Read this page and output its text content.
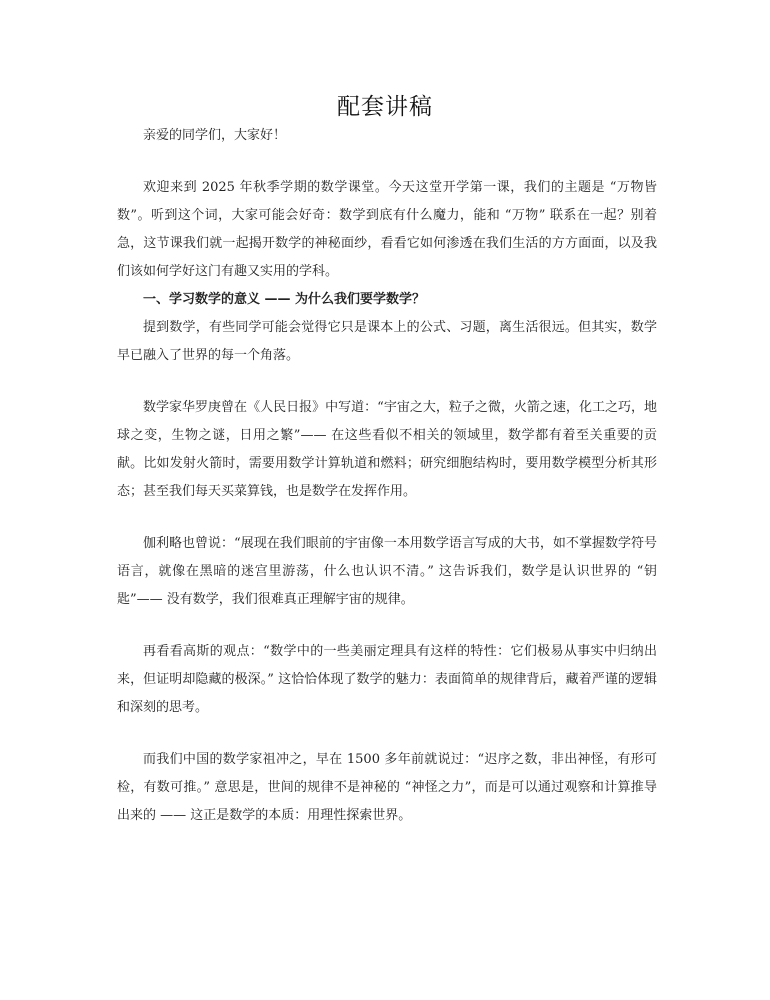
配套讲稿

亲爱的同学们，大家好！

欢迎来到 2025 年秋季学期的数学课堂。今天这堂开学第一课，我们的主题是 “万物皆数”。听到这个词，大家可能会好奇：数学到底有什么魔力，能和 “万物” 联系在一起？别着急，这节课我们就一起揭开数学的神秘面纱，看看它如何渗透在我们生活的方方面面，以及我们该如何学好这门有趣又实用的学科。

一、学习数学的意义 —— 为什么我们要学数学？

提到数学，有些同学可能会觉得它只是课本上的公式、习题，离生活很远。但其实，数学早已融入了世界的每一个角落。

数学家华罗庚曾在《人民日报》中写道：“宇宙之大，粒子之微，火箭之速，化工之巧，地球之变，生物之谜，日用之繁”—— 在这些看似不相关的领域里，数学都有着至关重要的贡献。比如发射火箭时，需要用数学计算轨道和燃料；研究细胞结构时，要用数学模型分析其形态；甚至我们每天买菜算钱，也是数学在发挥作用。

伽利略也曾说：“展现在我们眼前的宇宙像一本用数学语言写成的大书，如不掌握数学符号语言，就像在黑暗的迷宫里游荡，什么也认识不清。” 这告诉我们，数学是认识世界的 “钥匙”—— 没有数学，我们很难真正理解宇宙的规律。

再看看高斯的观点：“数学中的一些美丽定理具有这样的特性：它们极易从事实中归纳出来，但证明却隐藏的极深。” 这恰恰体现了数学的魅力：表面简单的规律背后，藏着严谨的逻辑和深刻的思考。

而我们中国的数学家祖冲之，早在 1500 多年前就说过：“迟序之数，非出神怪，有形可检，有数可推。” 意思是，世间的规律不是神秘的 “神怪之力”，而是可以通过观察和计算推导出来的 —— 这正是数学的本质：用理性探索世界。
